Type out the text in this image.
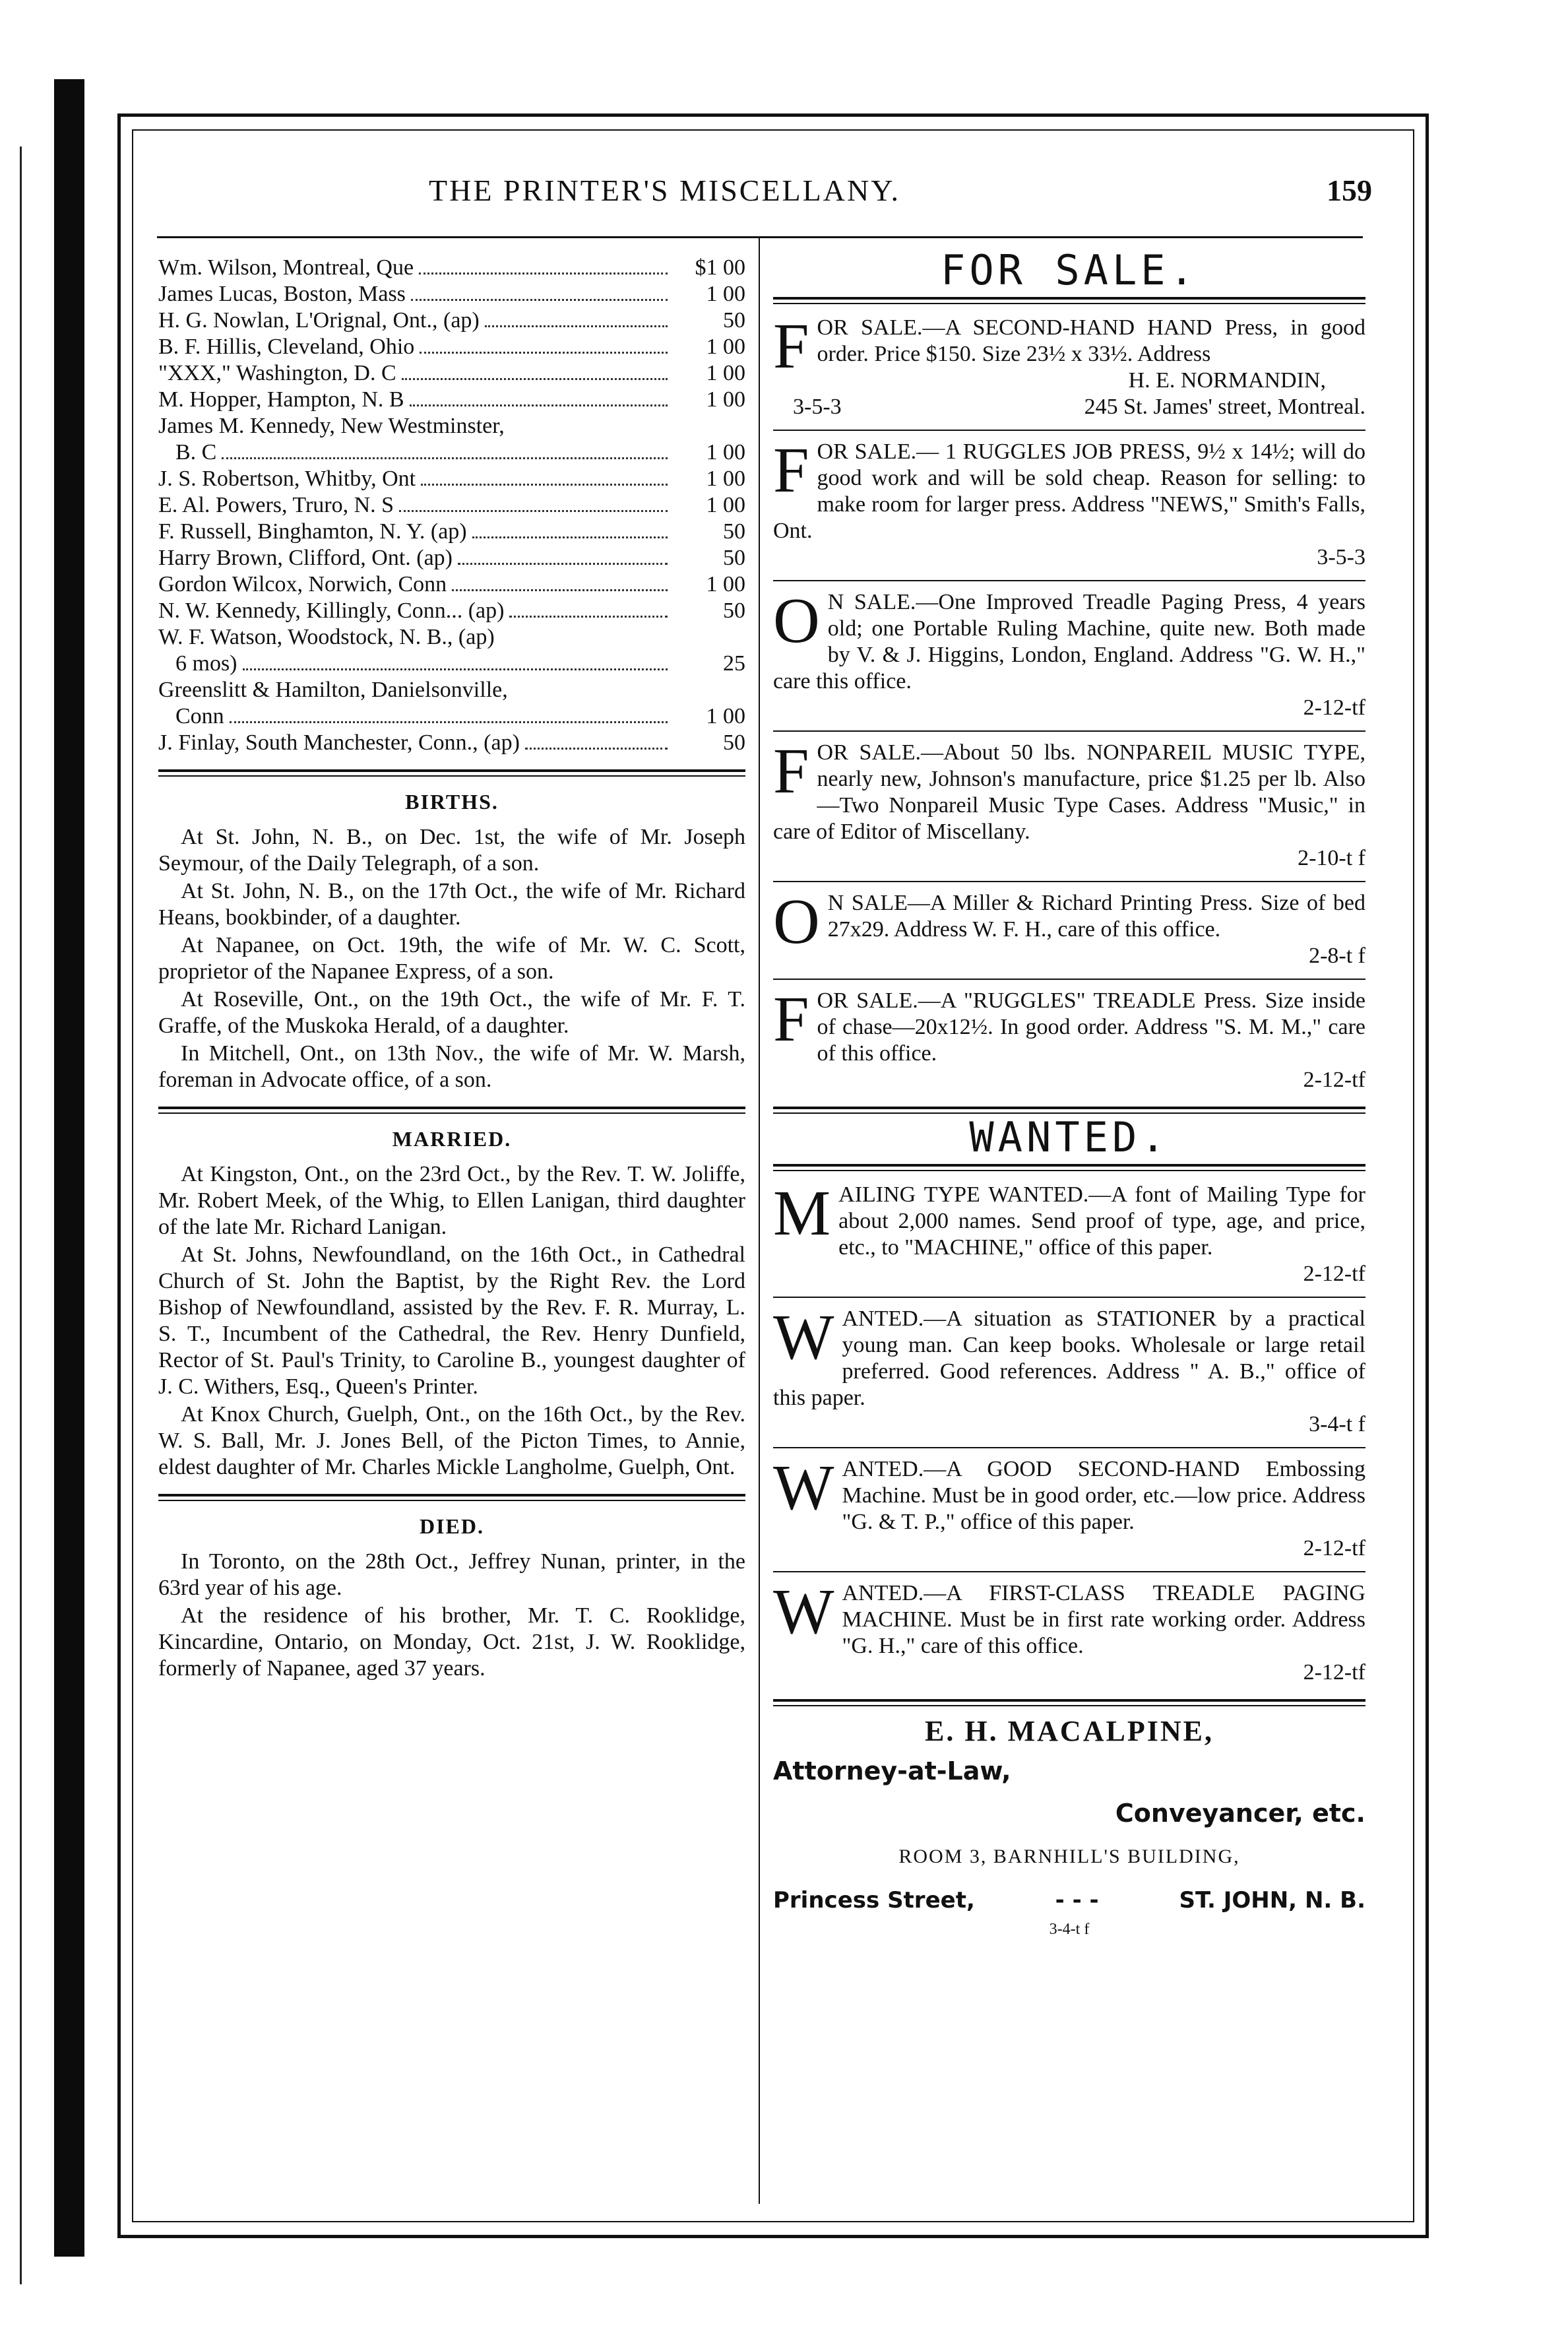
THE PRINTER'S MISCELLANY.	159
Wm. Wilson, Montreal, Que	$1 00
James Lucas, Boston, Mass	1 00
H. G. Nowlan, L'Orignal, Ont., (ap)	50
B. F. Hillis, Cleveland, Ohio	1 00
"XXX," Washington, D. C	1 00
M. Hopper, Hampton, N. B	1 00
James M. Kennedy, New Westminster,
B. C	1 00
J. S. Robertson, Whitby, Ont	1 00
E. Al. Powers, Truro, N. S	1 00
F. Russell, Binghamton, N. Y. (ap)	50
Harry Brown, Clifford, Ont. (ap)	50
Gordon Wilcox, Norwich, Conn	1 00
N. W. Kennedy, Killingly, Conn... (ap)	50
W. F. Watson, Woodstock, N. B., (ap)
6 mos)	25
Greenslitt & Hamilton, Danielsonville,
Conn	1 00
J. Finlay, South Manchester, Conn., (ap)	50
BIRTHS.

At St. John, N. B., on Dec. 1st, the wife of Mr. Joseph Seymour, of the Daily Telegraph, of a son.

At St. John, N. B., on the 17th Oct., the wife of Mr. Richard Heans, bookbinder, of a daughter.

At Napanee, on Oct. 19th, the wife of Mr. W. C. Scott, proprietor of the Napanee Express, of a son.

At Roseville, Ont., on the 19th Oct., the wife of Mr. F. T. Graffe, of the Muskoka Herald, of a daughter.

In Mitchell, Ont., on 13th Nov., the wife of Mr. W. Marsh, foreman in Advocate office, of a son.

MARRIED.

At Kingston, Ont., on the 23rd Oct., by the Rev. T. W. Joliffe, Mr. Robert Meek, of the Whig, to Ellen Lanigan, third daughter of the late Mr. Richard Lanigan.

At St. Johns, Newfoundland, on the 16th Oct., in Cathedral Church of St. John the Baptist, by the Right Rev. the Lord Bishop of Newfoundland, assisted by the Rev. F. R. Murray, L. S. T., Incumbent of the Cathedral, the Rev. Henry Dunfield, Rector of St. Paul's Trinity, to Caroline B., youngest daughter of J. C. Withers, Esq., Queen's Printer.

At Knox Church, Guelph, Ont., on the 16th Oct., by the Rev. W. S. Ball, Mr. J. Jones Bell, of the Picton Times, to Annie, eldest daughter of Mr. Charles Mickle Langholme, Guelph, Ont.

DIED.

In Toronto, on the 28th Oct., Jeffrey Nunan, printer, in the 63rd year of his age.

At the residence of his brother, Mr. T. C. Rooklidge, Kincardine, Ontario, on Monday, Oct. 21st, J. W. Rooklidge, formerly of Napanee, aged 37 years.

FOR SALE.

FOR SALE.—A SECOND-HAND HAND Press, in good order. Price $150. Size 23½ x 33½. Address

H. E. NORMANDIN,
3-5-3	245 St. James' street, Montreal.

FOR SALE.— 1 RUGGLES JOB PRESS, 9½ x 14½; will do good work and will be sold cheap. Reason for selling: to make room for larger press. Address "NEWS," Smith's Falls, Ont.

3-5-3

O N SALE.—One Improved Treadle Paging Press, 4 years old; one Portable Ruling Machine, quite new. Both made by V. & J. Higgins, London, England. Address "G. W. H.," care this office.

2-12-tf

FOR SALE.—About 50 lbs. NONPAREIL MUSIC TYPE, nearly new, Johnson's manufacture, price $1.25 per lb. Also—Two Nonpareil Music Type Cases. Address "Music," in care of Editor of Miscellany.

2-10-t f

O N SALE—A Miller & Richard Printing Press. Size of bed 27x29. Address W. F. H., care of this office.

2-8-t f

FOR SALE.—A "RUGGLES" TREADLE Press. Size inside of chase—20x12½. In good order. Address "S. M. M.," care of this office.

2-12-tf
WANTED.

MAILING TYPE WANTED.—A font of Mailing Type for about 2,000 names. Send proof of type, age, and price, etc., to "MACHINE," office of this paper.

2-12-tf

WANTED.—A situation as STATIONER by a practical young man. Can keep books. Wholesale or large retail preferred. Good references. Address " A. B.," office of this paper.

3-4-t f

WANTED.—A GOOD SECOND-HAND Embossing Machine. Must be in good order, etc.—low price. Address "G. & T. P.," office of this paper.

2-12-tf

WANTED.—A FIRST-CLASS TREADLE PAGING MACHINE. Must be in first rate working order. Address "G. H.," care of this office.

2-12-tf
E. H. MACALPINE,
Attorney-at-Law,
Conveyancer, etc.
ROOM 3, BARNHILL'S BUILDING,
Princess Street,	- - -	ST. JOHN, N. B.
3-4-t f
